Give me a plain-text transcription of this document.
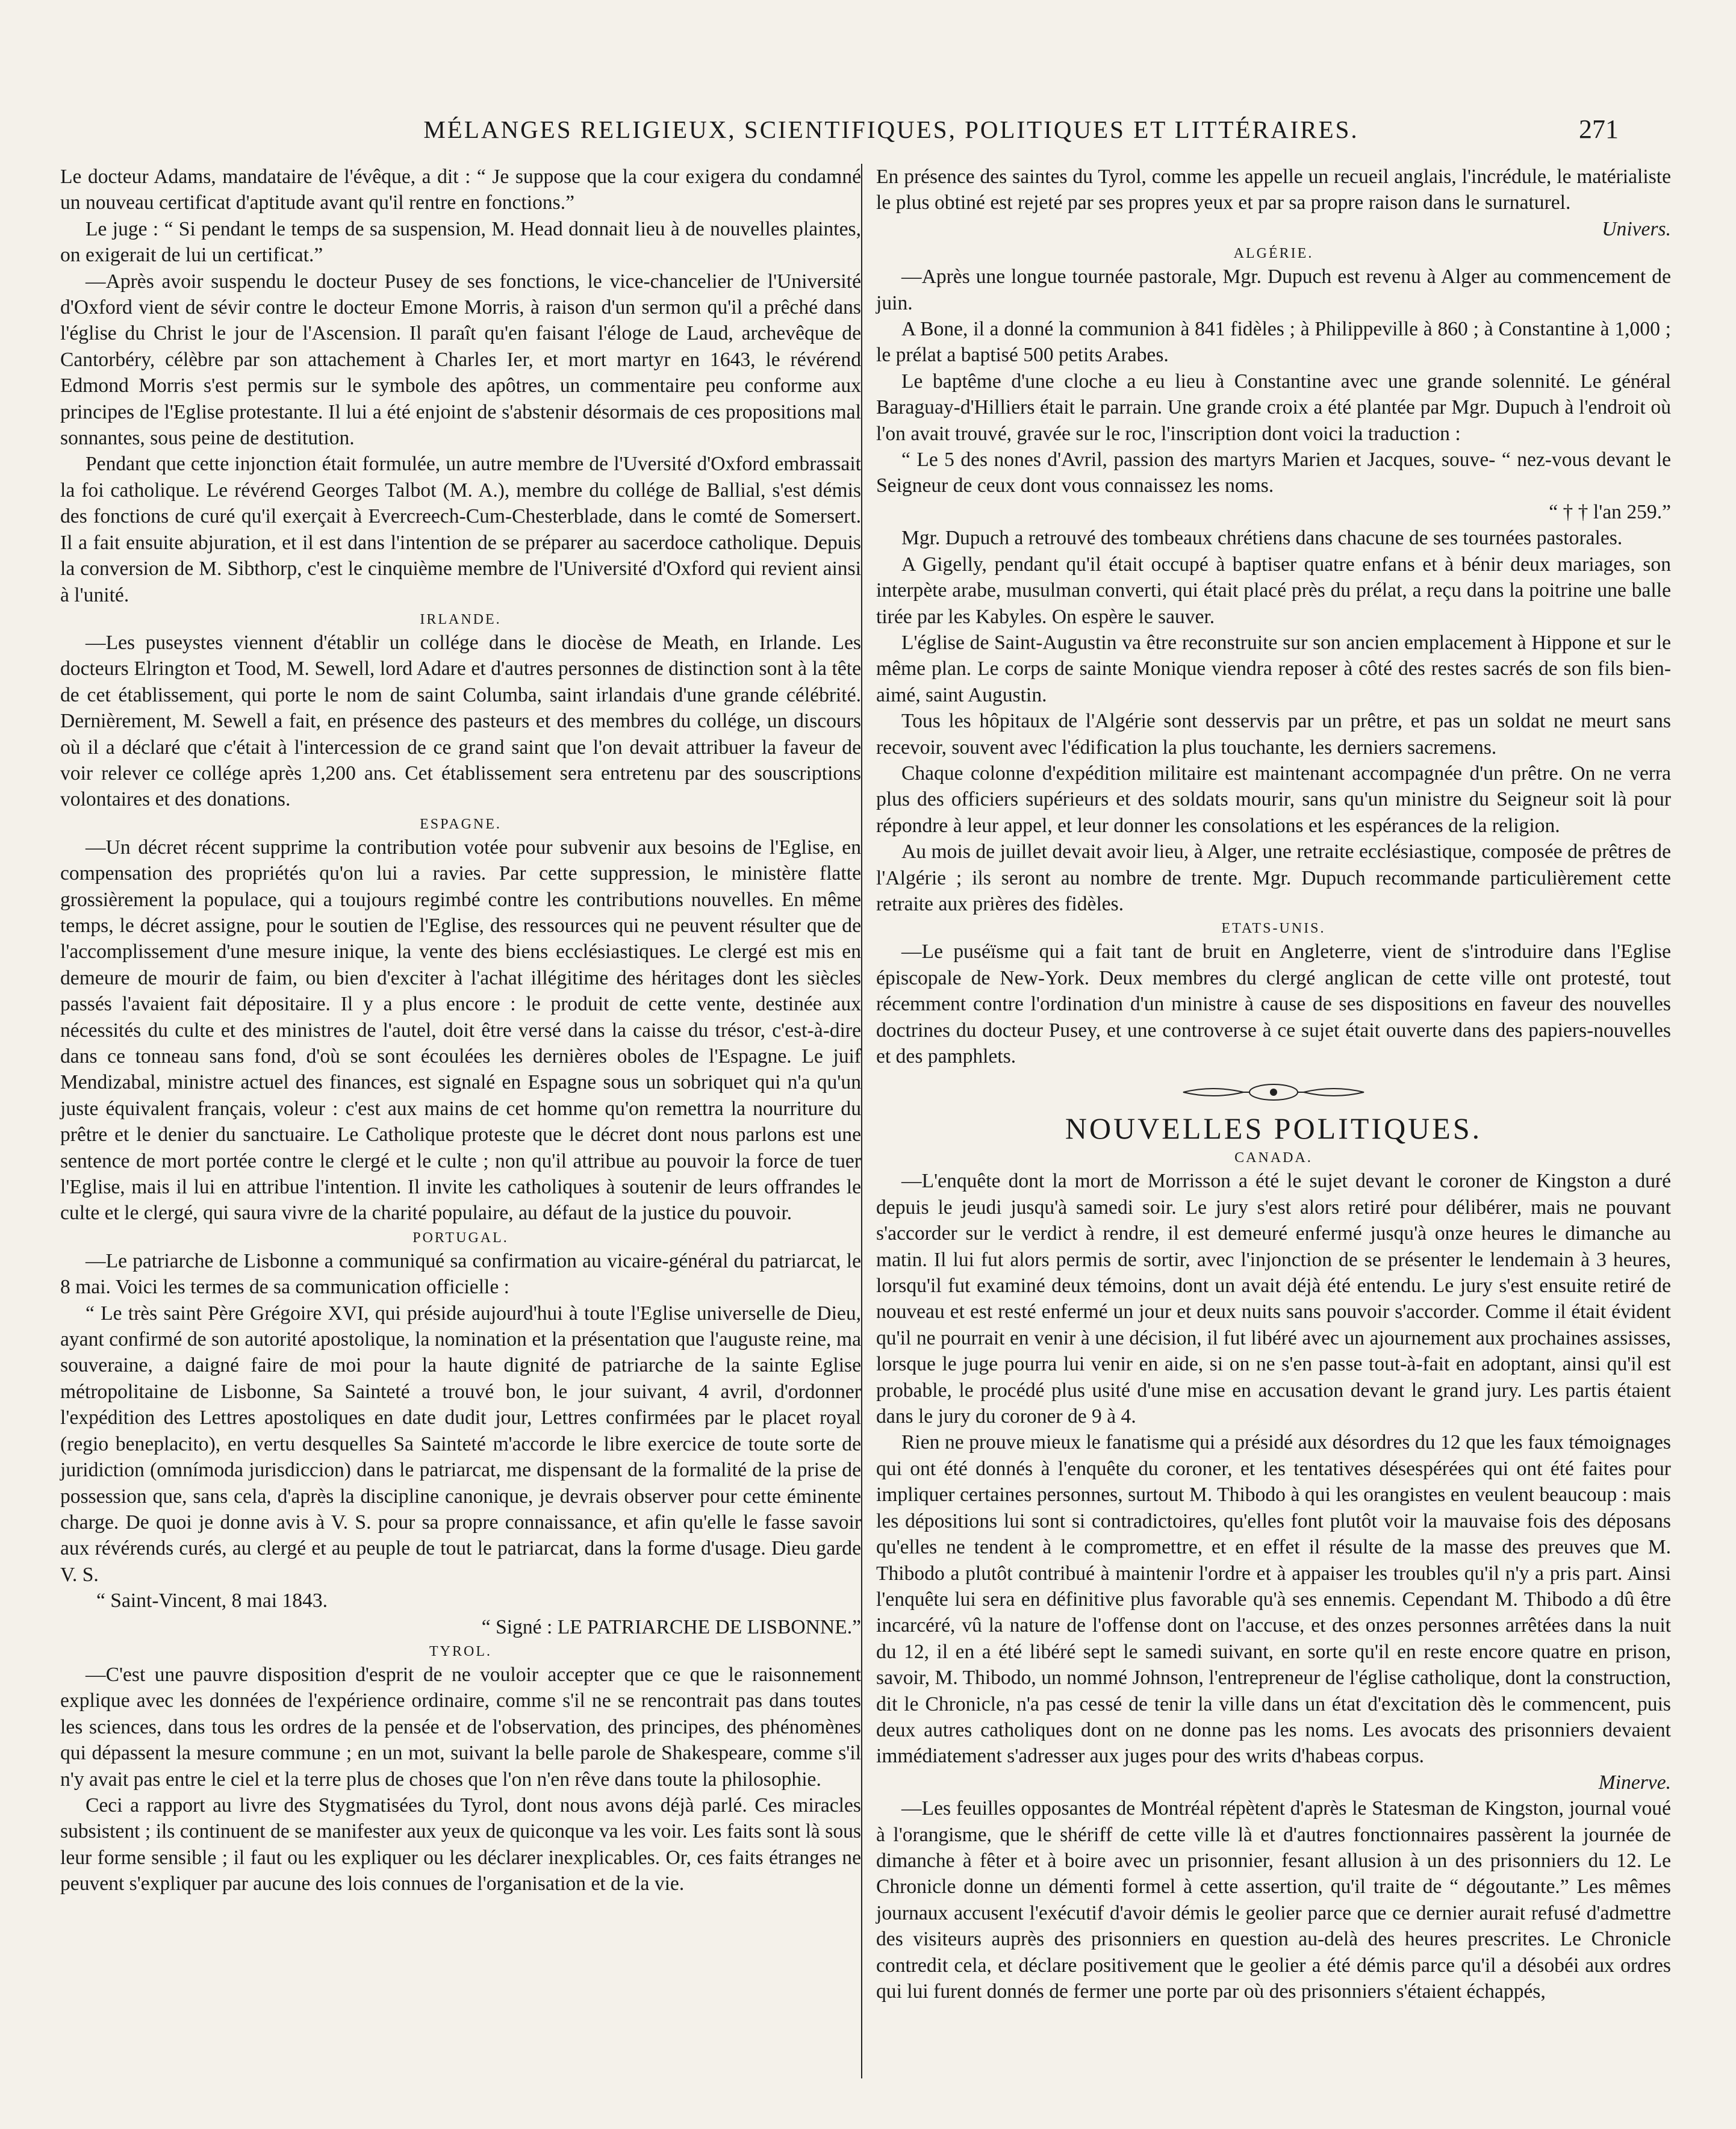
MÉLANGES RELIGIEUX, SCIENTIFIQUES, POLITIQUES ET LITTÉRAIRES.	271

Le docteur Adams, mandataire de l'évêque, a dit : “ Je suppose que la cour exigera du condamné un nouveau certificat d'aptitude avant qu'il rentre en fonctions.”

Le juge : “ Si pendant le temps de sa suspension, M. Head donnait lieu à de nouvelles plaintes, on exigerait de lui un certificat.”

—Après avoir suspendu le docteur Pusey de ses fonctions, le vice-chancelier de l'Université d'Oxford vient de sévir contre le docteur Emone Morris, à raison d'un sermon qu'il a prêché dans l'église du Christ le jour de l'Ascension. Il paraît qu'en faisant l'éloge de Laud, archevêque de Cantorbéry, célèbre par son attachement à Charles Ier, et mort martyr en 1643, le révérend Edmond Morris s'est permis sur le symbole des apôtres, un commentaire peu conforme aux principes de l'Eglise protestante. Il lui a été enjoint de s'abstenir désormais de ces propositions mal sonnantes, sous peine de destitution.

Pendant que cette injonction était formulée, un autre membre de l'Uversité d'Oxford embrassait la foi catholique. Le révérend Georges Talbot (M. A.), membre du collége de Ballial, s'est démis des fonctions de curé qu'il exerçait à Evercreech-Cum-Chesterblade, dans le comté de Somersert. Il a fait ensuite abjuration, et il est dans l'intention de se préparer au sacerdoce catholique. Depuis la conversion de M. Sibthorp, c'est le cinquième membre de l'Université d'Oxford qui revient ainsi à l'unité.

IRLANDE.

—Les puseystes viennent d'établir un collége dans le diocèse de Meath, en Irlande. Les docteurs Elrington et Tood, M. Sewell, lord Adare et d'autres personnes de distinction sont à la tête de cet établissement, qui porte le nom de saint Columba, saint irlandais d'une grande célébrité. Dernièrement, M. Sewell a fait, en présence des pasteurs et des membres du collége, un discours où il a déclaré que c'était à l'intercession de ce grand saint que l'on devait attribuer la faveur de voir relever ce collége après 1,200 ans. Cet établissement sera entretenu par des souscriptions volontaires et des donations.

ESPAGNE.

—Un décret récent supprime la contribution votée pour subvenir aux besoins de l'Eglise, en compensation des propriétés qu'on lui a ravies. Par cette suppression, le ministère flatte grossièrement la populace, qui a toujours regimbé contre les contributions nouvelles. En même temps, le décret assigne, pour le soutien de l'Eglise, des ressources qui ne peuvent résulter que de l'accomplissement d'une mesure inique, la vente des biens ecclésiastiques. Le clergé est mis en demeure de mourir de faim, ou bien d'exciter à l'achat illégitime des héritages dont les siècles passés l'avaient fait dépositaire. Il y a plus encore : le produit de cette vente, destinée aux nécessités du culte et des ministres de l'autel, doit être versé dans la caisse du trésor, c'est-à-dire dans ce tonneau sans fond, d'où se sont écoulées les dernières oboles de l'Espagne. Le juif Mendizabal, ministre actuel des finances, est signalé en Espagne sous un sobriquet qui n'a qu'un juste équivalent français, voleur : c'est aux mains de cet homme qu'on remettra la nourriture du prêtre et le denier du sanctuaire. Le Catholique proteste que le décret dont nous parlons est une sentence de mort portée contre le clergé et le culte ; non qu'il attribue au pouvoir la force de tuer l'Eglise, mais il lui en attribue l'intention. Il invite les catholiques à soutenir de leurs offrandes le culte et le clergé, qui saura vivre de la charité populaire, au défaut de la justice du pouvoir.

PORTUGAL.

—Le patriarche de Lisbonne a communiqué sa confirmation au vicaire-général du patriarcat, le 8 mai. Voici les termes de sa communication officielle :

“ Le très saint Père Grégoire XVI, qui préside aujourd'hui à toute l'Eglise universelle de Dieu, ayant confirmé de son autorité apostolique, la nomination et la présentation que l'auguste reine, ma souveraine, a daigné faire de moi pour la haute dignité de patriarche de la sainte Eglise métropolitaine de Lisbonne, Sa Sainteté a trouvé bon, le jour suivant, 4 avril, d'ordonner l'expédition des Lettres apostoliques en date dudit jour, Lettres confirmées par le placet royal (regio beneplacito), en vertu desquelles Sa Sainteté m'accorde le libre exercice de toute sorte de juridiction (omnímoda jurisdiccion) dans le patriarcat, me dispensant de la formalité de la prise de possession que, sans cela, d'après la discipline canonique, je devrais observer pour cette éminente charge. De quoi je donne avis à V. S. pour sa propre connaissance, et afin qu'elle le fasse savoir aux révérends curés, au clergé et au peuple de tout le patriarcat, dans la forme d'usage. Dieu garde V. S.

“ Saint-Vincent, 8 mai 1843.

“ Signé : LE PATRIARCHE DE LISBONNE.”

TYROL.

—C'est une pauvre disposition d'esprit de ne vouloir accepter que ce que le raisonnement explique avec les données de l'expérience ordinaire, comme s'il ne se rencontrait pas dans toutes les sciences, dans tous les ordres de la pensée et de l'observation, des principes, des phénomènes qui dépassent la mesure commune ; en un mot, suivant la belle parole de Shakespeare, comme s'il n'y avait pas entre le ciel et la terre plus de choses que l'on n'en rêve dans toute la philosophie.

Ceci a rapport au livre des Stygmatisées du Tyrol, dont nous avons déjà parlé. Ces miracles subsistent ; ils continuent de se manifester aux yeux de quiconque va les voir. Les faits sont là sous leur forme sensible ; il faut ou les expliquer ou les déclarer inexplicables. Or, ces faits étranges ne peuvent s'expliquer par aucune des lois connues de l'organisation et de la vie.

En présence des saintes du Tyrol, comme les appelle un recueil anglais, l'incrédule, le matérialiste le plus obtiné est rejeté par ses propres yeux et par sa propre raison dans le surnaturel.

Univers.

ALGÉRIE.

—Après une longue tournée pastorale, Mgr. Dupuch est revenu à Alger au commencement de juin.

A Bone, il a donné la communion à 841 fidèles ; à Philippeville à 860 ; à Constantine à 1,000 ; le prélat a baptisé 500 petits Arabes.

Le baptême d'une cloche a eu lieu à Constantine avec une grande solennité. Le général Baraguay-d'Hilliers était le parrain. Une grande croix a été plantée par Mgr. Dupuch à l'endroit où l'on avait trouvé, gravée sur le roc, l'inscription dont voici la traduction :

“ Le 5 des nones d'Avril, passion des martyrs Marien et Jacques, souve- “ nez-vous devant le Seigneur de ceux dont vous connaissez les noms.

“ † † l'an 259.”

Mgr. Dupuch a retrouvé des tombeaux chrétiens dans chacune de ses tournées pastorales.

A Gigelly, pendant qu'il était occupé à baptiser quatre enfans et à bénir deux mariages, son interpète arabe, musulman converti, qui était placé près du prélat, a reçu dans la poitrine une balle tirée par les Kabyles. On espère le sauver.

L'église de Saint-Augustin va être reconstruite sur son ancien emplacement à Hippone et sur le même plan. Le corps de sainte Monique viendra reposer à côté des restes sacrés de son fils bien-aimé, saint Augustin.

Tous les hôpitaux de l'Algérie sont desservis par un prêtre, et pas un soldat ne meurt sans recevoir, souvent avec l'édification la plus touchante, les derniers sacremens.

Chaque colonne d'expédition militaire est maintenant accompagnée d'un prêtre. On ne verra plus des officiers supérieurs et des soldats mourir, sans qu'un ministre du Seigneur soit là pour répondre à leur appel, et leur donner les consolations et les espérances de la religion.

Au mois de juillet devait avoir lieu, à Alger, une retraite ecclésiastique, composée de prêtres de l'Algérie ; ils seront au nombre de trente. Mgr. Dupuch recommande particulièrement cette retraite aux prières des fidèles.

ETATS-UNIS.

—Le puséïsme qui a fait tant de bruit en Angleterre, vient de s'introduire dans l'Eglise épiscopale de New-York. Deux membres du clergé anglican de cette ville ont protesté, tout récemment contre l'ordination d'un ministre à cause de ses dispositions en faveur des nouvelles doctrines du docteur Pusey, et une controverse à ce sujet était ouverte dans des papiers-nouvelles et des pamphlets.

NOUVELLES POLITIQUES.
CANADA.

—L'enquête dont la mort de Morrisson a été le sujet devant le coroner de Kingston a duré depuis le jeudi jusqu'à samedi soir. Le jury s'est alors retiré pour délibérer, mais ne pouvant s'accorder sur le verdict à rendre, il est demeuré enfermé jusqu'à onze heures le dimanche au matin. Il lui fut alors permis de sortir, avec l'injonction de se présenter le lendemain à 3 heures, lorsqu'il fut examiné deux témoins, dont un avait déjà été entendu. Le jury s'est ensuite retiré de nouveau et est resté enfermé un jour et deux nuits sans pouvoir s'accorder. Comme il était évident qu'il ne pourrait en venir à une décision, il fut libéré avec un ajournement aux prochaines assisses, lorsque le juge pourra lui venir en aide, si on ne s'en passe tout-à-fait en adoptant, ainsi qu'il est probable, le procédé plus usité d'une mise en accusation devant le grand jury. Les partis étaient dans le jury du coroner de 9 à 4.

Rien ne prouve mieux le fanatisme qui a présidé aux désordres du 12 que les faux témoignages qui ont été donnés à l'enquête du coroner, et les tentatives désespérées qui ont été faites pour impliquer certaines personnes, surtout M. Thibodo à qui les orangistes en veulent beaucoup : mais les dépositions lui sont si contradictoires, qu'elles font plutôt voir la mauvaise fois des déposans qu'elles ne tendent à le compromettre, et en effet il résulte de la masse des preuves que M. Thibodo a plutôt contribué à maintenir l'ordre et à appaiser les troubles qu'il n'y a pris part. Ainsi l'enquête lui sera en définitive plus favorable qu'à ses ennemis. Cependant M. Thibodo a dû être incarcéré, vû la nature de l'offense dont on l'accuse, et des onzes personnes arrêtées dans la nuit du 12, il en a été libéré sept le samedi suivant, en sorte qu'il en reste encore quatre en prison, savoir, M. Thibodo, un nommé Johnson, l'entrepreneur de l'église catholique, dont la construction, dit le Chronicle, n'a pas cessé de tenir la ville dans un état d'excitation dès le commencent, puis deux autres catholiques dont on ne donne pas les noms. Les avocats des prisonniers devaient immédiatement s'adresser aux juges pour des writs d'habeas corpus.

Minerve.

—Les feuilles opposantes de Montréal répètent d'après le Statesman de Kingston, journal voué à l'orangisme, que le shériff de cette ville là et d'autres fonctionnaires passèrent la journée de dimanche à fêter et à boire avec un prisonnier, fesant allusion à un des prisonniers du 12. Le Chronicle donne un démenti formel à cette assertion, qu'il traite de “ dégoutante.” Les mêmes journaux accusent l'exécutif d'avoir démis le geolier parce que ce dernier aurait refusé d'admettre des visiteurs auprès des prisonniers en question au-delà des heures prescrites. Le Chronicle contredit cela, et déclare positivement que le geolier a été démis parce qu'il a désobéi aux ordres qui lui furent donnés de fermer une porte par où des prisonniers s'étaient échappés,
